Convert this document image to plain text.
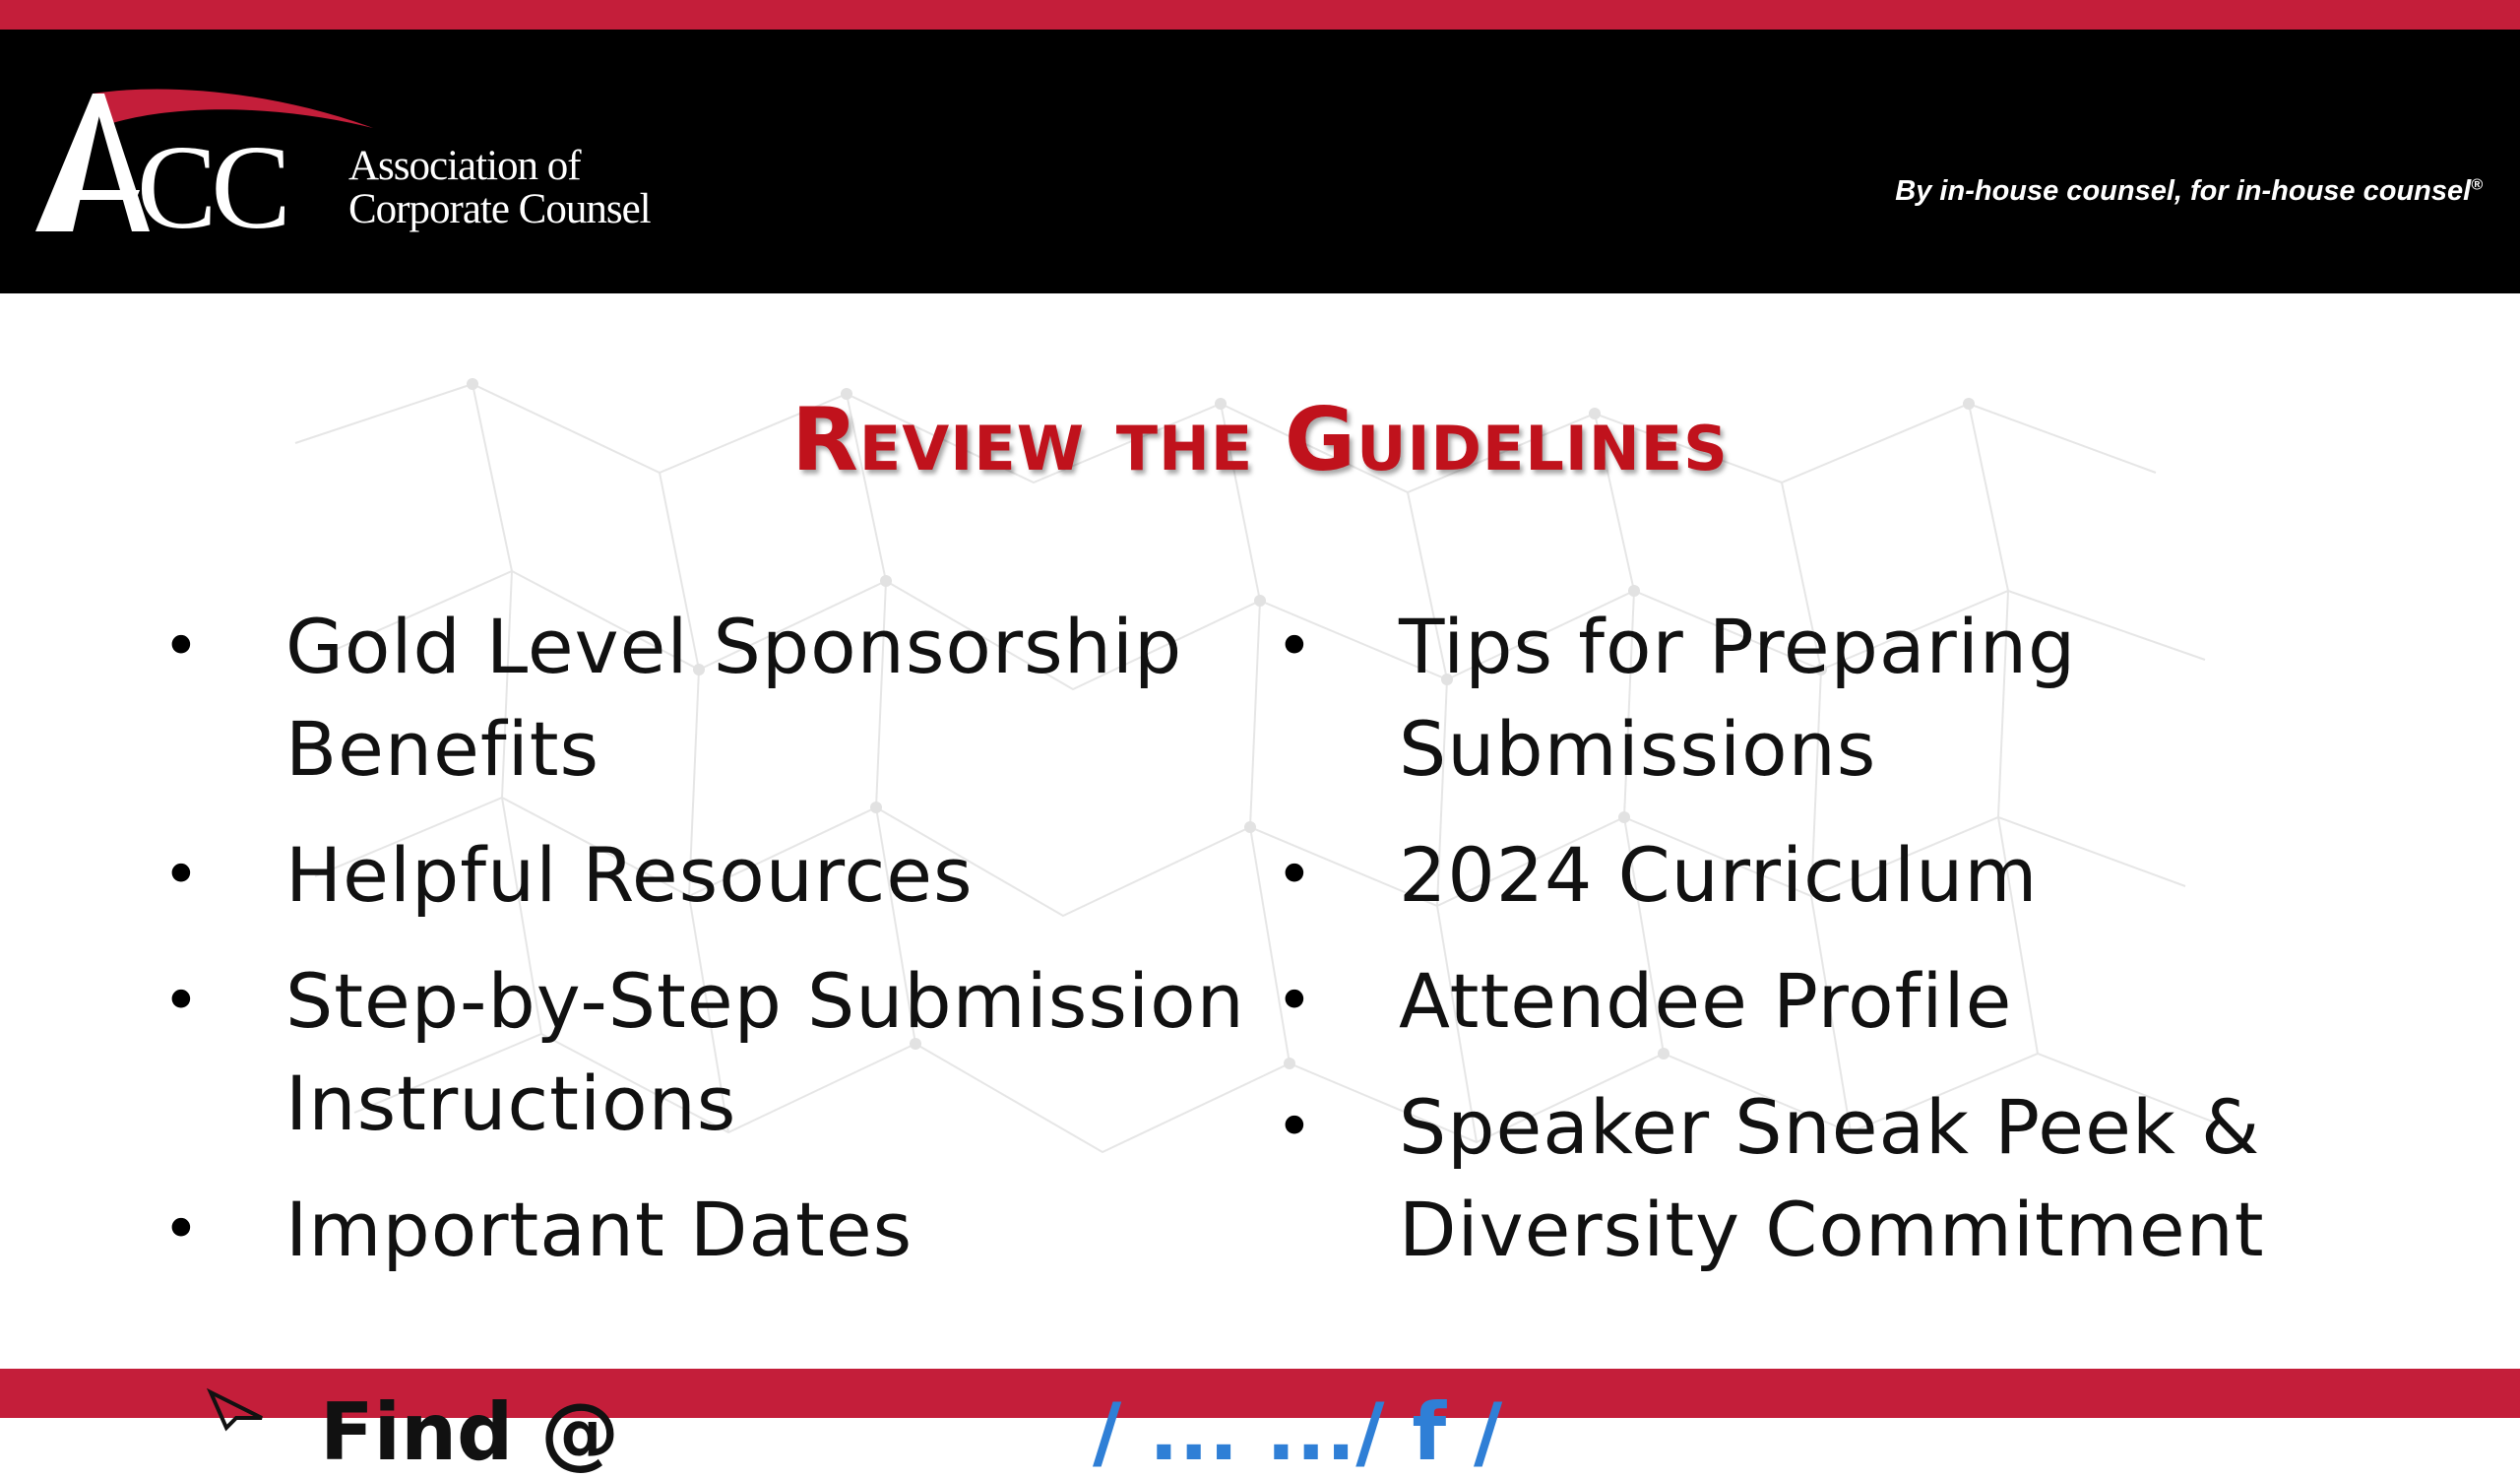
CC Association of
Corporate Counsel	By in-house counsel, for in-house counsel®
Review the Guidelines
•	Gold Level Sponsorship Benefits
•	Helpful Resources
•	Step-by-Step Submission Instructions
•	Important Dates
•	Tips for Preparing Submissions
•	2024 Curriculum
•	Attendee Profile
•	Speaker Sneak Peek & Diversity Commitment
Find @	/ ... .../ f /
